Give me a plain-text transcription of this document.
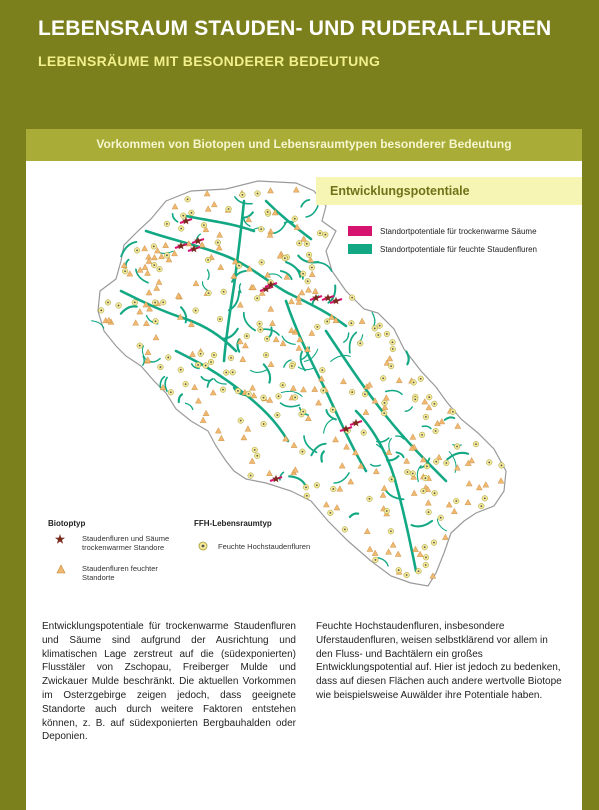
LEBENSRAUM STAUDEN- UND RUDERALFLUREN
LEBENSRÄUME MIT BESONDERER BEDEUTUNG
Vorkommen von Biotopen und Lebensraumtypen besonderer Bedeutung
Entwicklungspotentiale
Standortpotentiale für trockenwarme Säume
Standortpotentiale für feuchte Staudenfluren
Biotoptyp
Staudenfluren und Säume trockenwarmer Standore
Staudenfluren feuchter Standorte
FFH-Lebensraumtyp
Feuchte Hochstaudenfluren

Entwicklungspotentiale für trockenwarme Staudenfluren und Säume sind aufgrund der Ausrichtung und klimatischen Lage zerstreut auf die (südexponierten) Flusstäler von Zschopau, Freiberger Mulde und Zwickauer Mulde beschränkt. Die aktuellen Vorkommen im Osterzgebirge zeigen jedoch, dass geeignete Standorte auch durch weitere Faktoren entstehen können, z. B. auf südexponierten Bergbauhalden oder Deponien.

Feuchte Hochstaudenfluren, insbesondere Uferstaudenfluren, weisen selbstklärend vor allem in den Fluss- und Bachtälern ein großes Entwicklungspotential auf. Hier ist jedoch zu bedenken, dass auf diesen Flächen auch andere wertvolle Biotope wie beispielsweise Auwälder ihre Potentiale haben.
